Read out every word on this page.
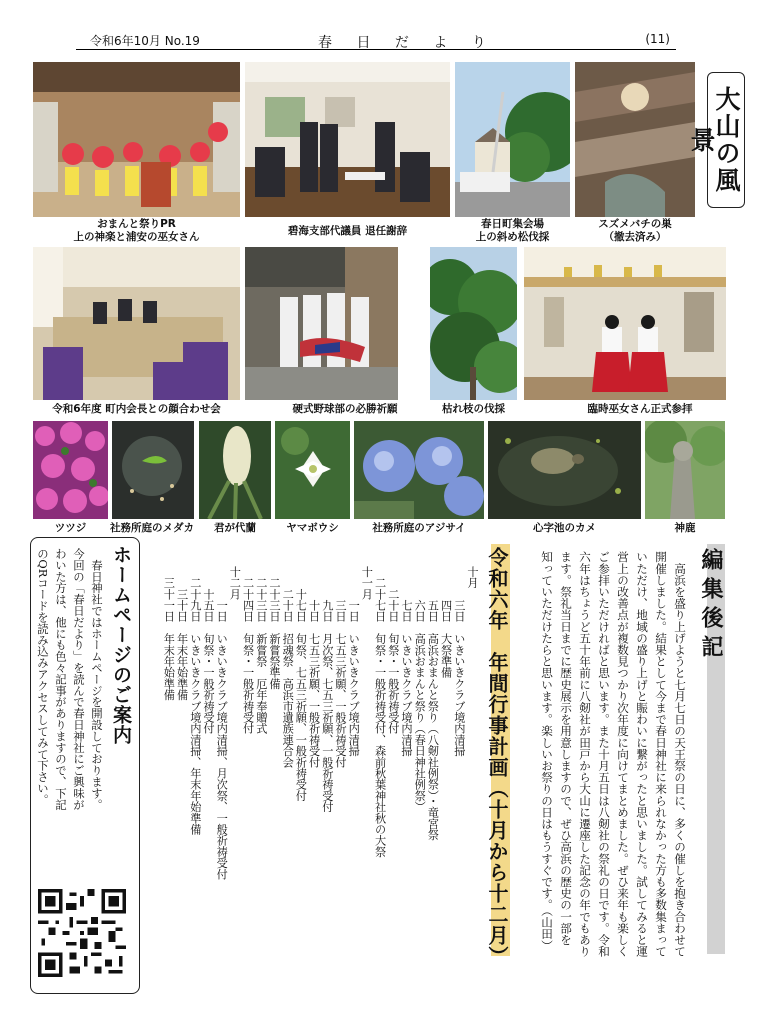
令和6年10月 No.19	春 日 だ よ り	(11)
大山の風景
おまんと祭りPR
上の神楽と浦安の巫女さん
碧海支部代議員 退任謝辞
春日町集会場
上の斜め松伐採
スズメバチの巣
（撤去済み）
令和6年度 町内会長との顔合わせ会	硬式野球部の必勝祈願	枯れ枝の伐採	臨時巫女さん正式参拝
ツツジ	社務所庭のメダカ	君が代蘭	ヤマボウシ	社務所庭のアジサイ	心字池のカメ	神鹿
編集後記
　高浜を盛り上げようと七月七日の天王祭の日に、多くの催しを抱き合わせて
開催しました。結果として今まで春日神社に来られなかった方も多数集まって
いただけ、地域の盛り上げと賑わいに繋がったと思いました。試してみると運
営上の改善点が複数見つかり次年度に向けてまとめました。ぜひ来年も楽しく
ご参拝いただければと思います。また十月五日は八剱社の祭礼の日です。令和
六年はちょうど五十年前に八剱社が田戸から大山に遷座した記念の年でもあり
ます。祭礼当日までに歴史展示を用意しますので、ぜひ高浜の歴史の一部を
知っていただけたらと思います。楽しいお祭りの日はもうすぐです。（山田）
令和六年　年間行事計画（十月から十二月）
十月
　　　三日　いきいきクラブ境内清掃
　　　四日　大祭準備
　　　五日　高浜おまんと祭り（八剱社例祭）・竜宮祭
　　　六日　高浜おまんと祭り（春日神社例祭）
　　　七日　いきいきクラブ境内清掃
　　二十日　旬祭・一般祈祷受付
　二十七日　旬祭・一般祈祷受付、森前秋葉神社秋の大祭
十一月
　　　一日　いきいきクラブ境内清掃
　　　三日　七五三祈願、一般祈祷受付
　　　九日　月次祭、七五三祈願、一般祈祷受付
　　　十日　七五三祈願、一般祈祷受付
　　十七日　旬祭、七五三祈願、一般祈祷受付
　　二十日　招魂祭　高浜市遺族連合会
　二十三日　新嘗祭準備
　二十三日　新嘗祭　厄年奉贈式
　二十四日　旬祭・一般祈祷受付
十二月
　　　一日　いきいきクラブ境内清掃、月次祭、一般祈祷受付
　　十五日　旬祭・一般祈祷受付
　二十九日　いきいきクラブ境内清掃、年末年始準備
　　三十日　年末年始準備
　三十一日　年末年始準備
ホームページのご案内
　春日神社ではホームページを開設しております。
今回の「春日だより」を読んで春日神社にご興味が
わいた方は、他にも色々記事がありますので、下記
のQRコードを読み込みアクセスしてみて下さい。
